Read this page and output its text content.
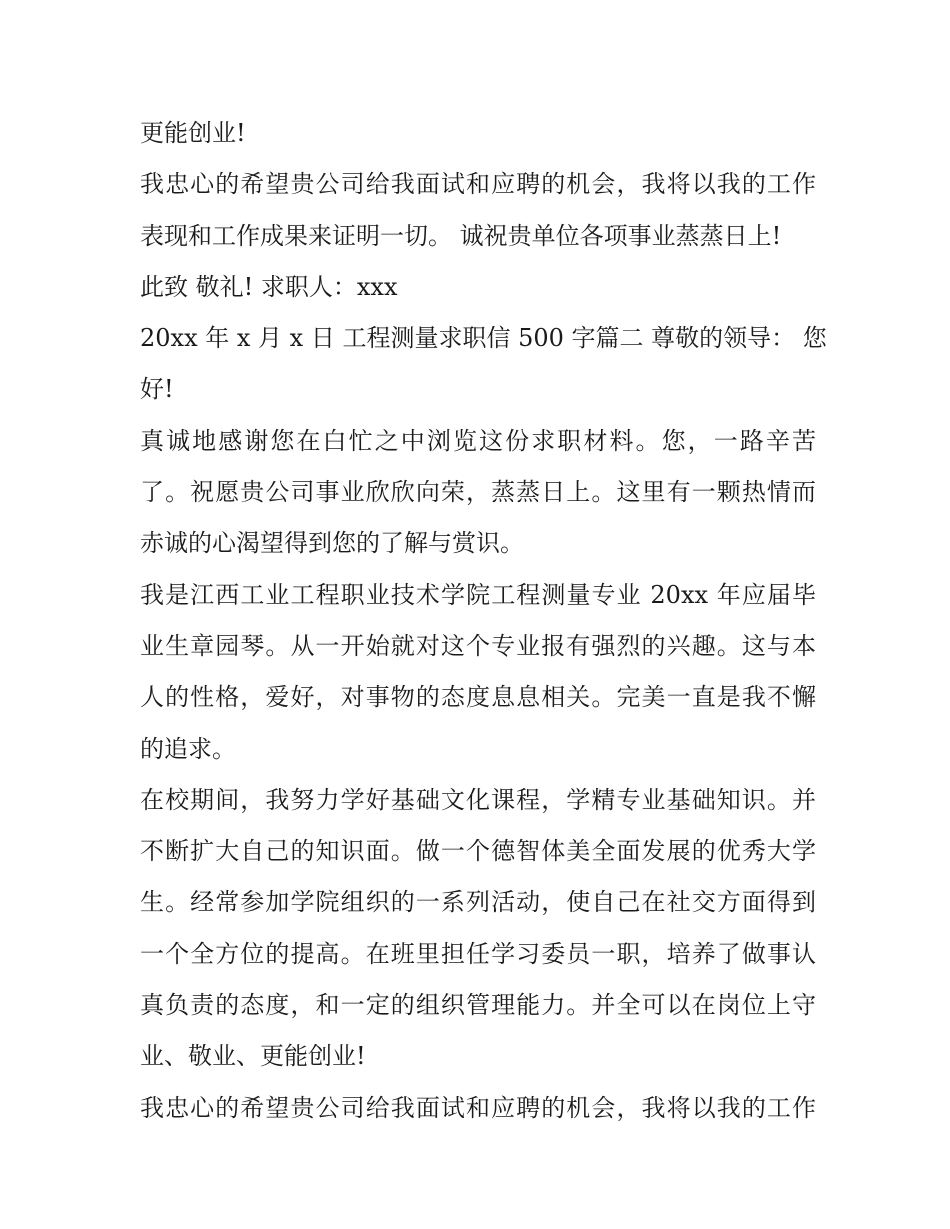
更能创业!
我忠心的希望贵公司给我面试和应聘的机会，我将以我的工作
表现和工作成果来证明一切。 诚祝贵单位各项事业蒸蒸日上!
此致 敬礼! 求职人：xxx
20xx 年 x 月 x 日 工程测量求职信 500 字篇二 尊敬的领导： 您
好!
真诚地感谢您在白忙之中浏览这份求职材料。您，一路辛苦
了。祝愿贵公司事业欣欣向荣，蒸蒸日上。这里有一颗热情而
赤诚的心渴望得到您的了解与赏识。
我是江西工业工程职业技术学院工程测量专业 20xx 年应届毕
业生章园琴。从一开始就对这个专业报有强烈的兴趣。这与本
人的性格，爱好，对事物的态度息息相关。完美一直是我不懈
的追求。
在校期间，我努力学好基础文化课程，学精专业基础知识。并
不断扩大自己的知识面。做一个德智体美全面发展的优秀大学
生。经常参加学院组织的一系列活动，使自己在社交方面得到
一个全方位的提高。在班里担任学习委员一职，培养了做事认
真负责的态度，和一定的组织管理能力。并全可以在岗位上守
业、敬业、更能创业!
我忠心的希望贵公司给我面试和应聘的机会，我将以我的工作
